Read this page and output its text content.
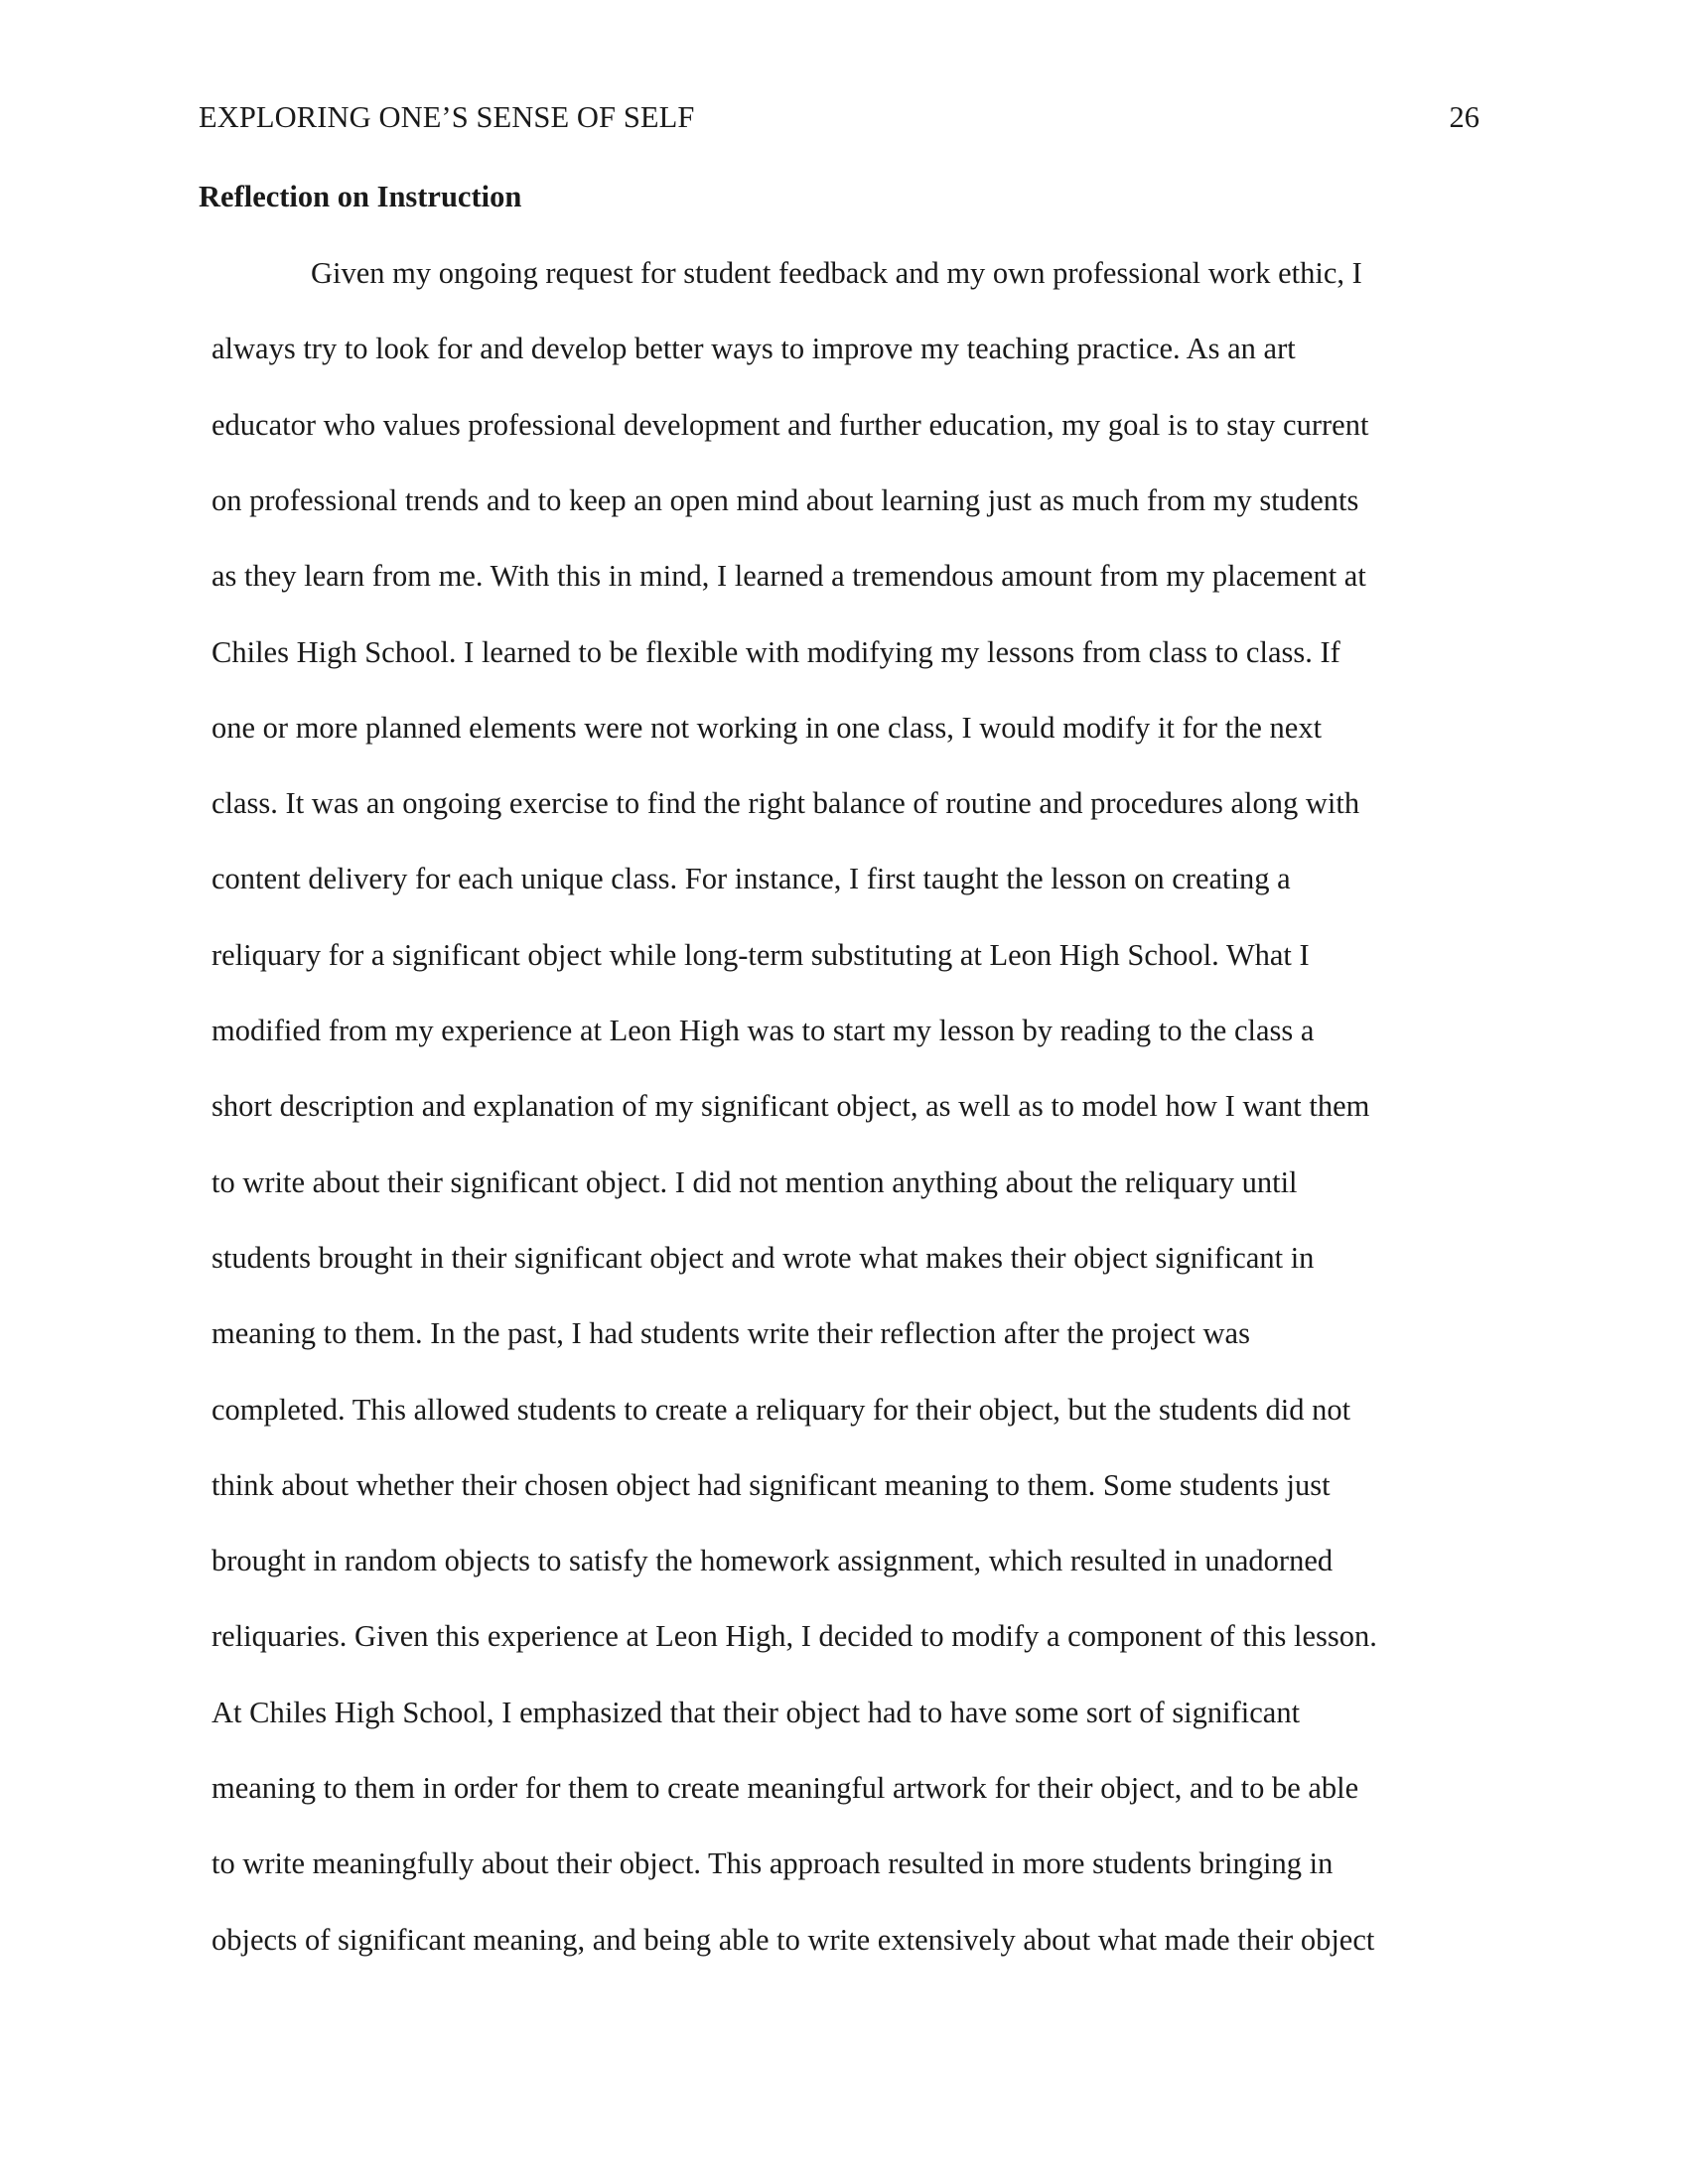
EXPLORING ONE’S SENSE OF SELF	26
Reflection on Instruction
Given my ongoing request for student feedback and my own professional work ethic, I
always try to look for and develop better ways to improve my teaching practice. As an art
educator who values professional development and further education, my goal is to stay current
on professional trends and to keep an open mind about learning just as much from my students
as they learn from me. With this in mind, I learned a tremendous amount from my placement at
Chiles High School. I learned to be flexible with modifying my lessons from class to class. If
one or more planned elements were not working in one class, I would modify it for the next
class. It was an ongoing exercise to find the right balance of routine and procedures along with
content delivery for each unique class. For instance, I first taught the lesson on creating a
reliquary for a significant object while long-term substituting at Leon High School. What I
modified from my experience at Leon High was to start my lesson by reading to the class a
short description and explanation of my significant object, as well as to model how I want them
to write about their significant object. I did not mention anything about the reliquary until
students brought in their significant object and wrote what makes their object significant in
meaning to them. In the past, I had students write their reflection after the project was
completed. This allowed students to create a reliquary for their object, but the students did not
think about whether their chosen object had significant meaning to them. Some students just
brought in random objects to satisfy the homework assignment, which resulted in unadorned
reliquaries. Given this experience at Leon High, I decided to modify a component of this lesson.
At Chiles High School, I emphasized that their object had to have some sort of significant
meaning to them in order for them to create meaningful artwork for their object, and to be able
to write meaningfully about their object. This approach resulted in more students bringing in
objects of significant meaning, and being able to write extensively about what made their object
